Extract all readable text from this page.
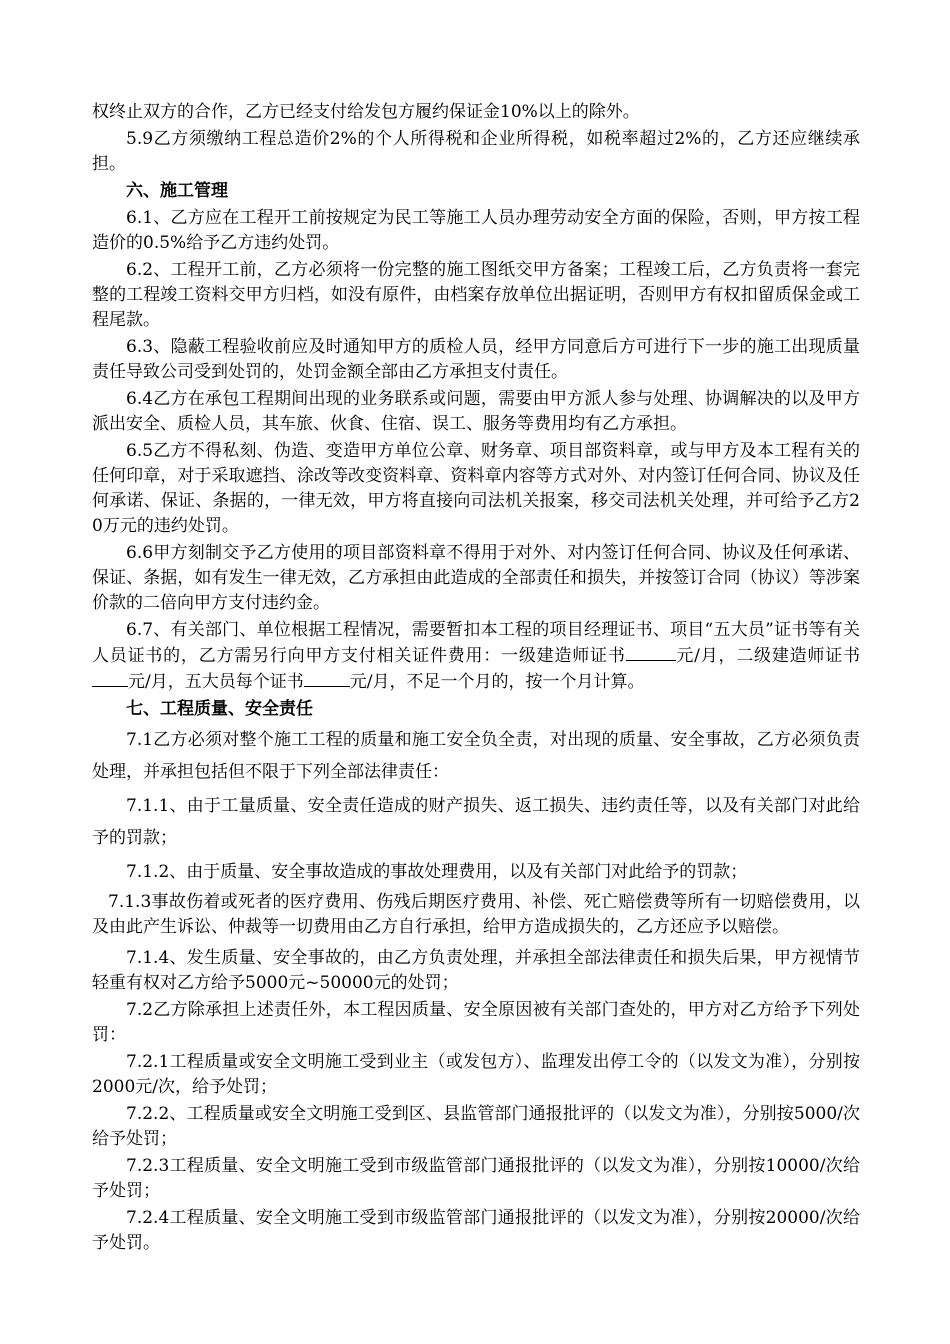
权终止双方的合作，乙方已经支付给发包方履约保证金10%以上的除外。

5.9乙方须缴纳工程总造价2%的个人所得税和企业所得税，如税率超过2%的，乙方还应继续承担。

六、施工管理

6.1、乙方应在工程开工前按规定为民工等施工人员办理劳动安全方面的保险，否则，甲方按工程造价的0.5%给予乙方违约处罚。

6.2、工程开工前，乙方必须将一份完整的施工图纸交甲方备案；工程竣工后，乙方负责将一套完整的工程竣工资料交甲方归档，如没有原件，由档案存放单位出据证明，否则甲方有权扣留质保金或工程尾款。

6.3、隐蔽工程验收前应及时通知甲方的质检人员，经甲方同意后方可进行下一步的施工出现质量责任导致公司受到处罚的，处罚金额全部由乙方承担支付责任。

6.4乙方在承包工程期间出现的业务联系或问题，需要由甲方派人参与处理、协调解决的以及甲方派出安全、质检人员，其车旅、伙食、住宿、误工、服务等费用均有乙方承担。

6.5乙方不得私刻、伪造、变造甲方单位公章、财务章、项目部资料章，或与甲方及本工程有关的任何印章，对于采取遮挡、涂改等改变资料章、资料章内容等方式对外、对内签订任何合同、协议及任何承诺、保证、条据的，一律无效，甲方将直接向司法机关报案，移交司法机关处理，并可给予乙方20万元的违约处罚。

6.6甲方刻制交予乙方使用的项目部资料章不得用于对外、对内签订任何合同、协议及任何承诺、保证、条据，如有发生一律无效，乙方承担由此造成的全部责任和损失，并按签订合同（协议）等涉案价款的二倍向甲方支付违约金。

6.7、有关部门、单位根据工程情况，需要暂扣本工程的项目经理证书、项目“五大员”证书等有关人员证书的，乙方需另行向甲方支付相关证件费用：一级建造师证书	元/月，二级建造师证书元/月，五大员每个证书	元/月，不足一个月的，按一个月计算。

七、工程质量、安全责任

7.1乙方必须对整个施工工程的质量和施工安全负全责，对出现的质量、安全事故，乙方必须负责处理，并承担包括但不限于下列全部法律责任：

7.1.1、由于工量质量、安全责任造成的财产损失、返工损失、违约责任等，以及有关部门对此给予的罚款；

7.1.2、由于质量、安全事故造成的事故处理费用，以及有关部门对此给予的罚款；

7.1.3事故伤着或死者的医疗费用、伤残后期医疗费用、补偿、死亡赔偿费等所有一切赔偿费用，以及由此产生诉讼、仲裁等一切费用由乙方自行承担，给甲方造成损失的，乙方还应予以赔偿。

7.1.4、发生质量、安全事故的，由乙方负责处理，并承担全部法律责任和损失后果，甲方视情节轻重有权对乙方给予5000元~50000元的处罚；

7.2乙方除承担上述责任外，本工程因质量、安全原因被有关部门查处的，甲方对乙方给予下列处罚：

7.2.1工程质量或安全文明施工受到业主（或发包方）、监理发出停工令的（以发文为准），分别按2000元/次，给予处罚；

7.2.2、工程质量或安全文明施工受到区、县监管部门通报批评的（以发文为准），分别按5000/次给予处罚；

7.2.3工程质量、安全文明施工受到市级监管部门通报批评的（以发文为准），分别按10000/次给予处罚；

7.2.4工程质量、安全文明施工受到市级监管部门通报批评的（以发文为准），分别按20000/次给予处罚。
